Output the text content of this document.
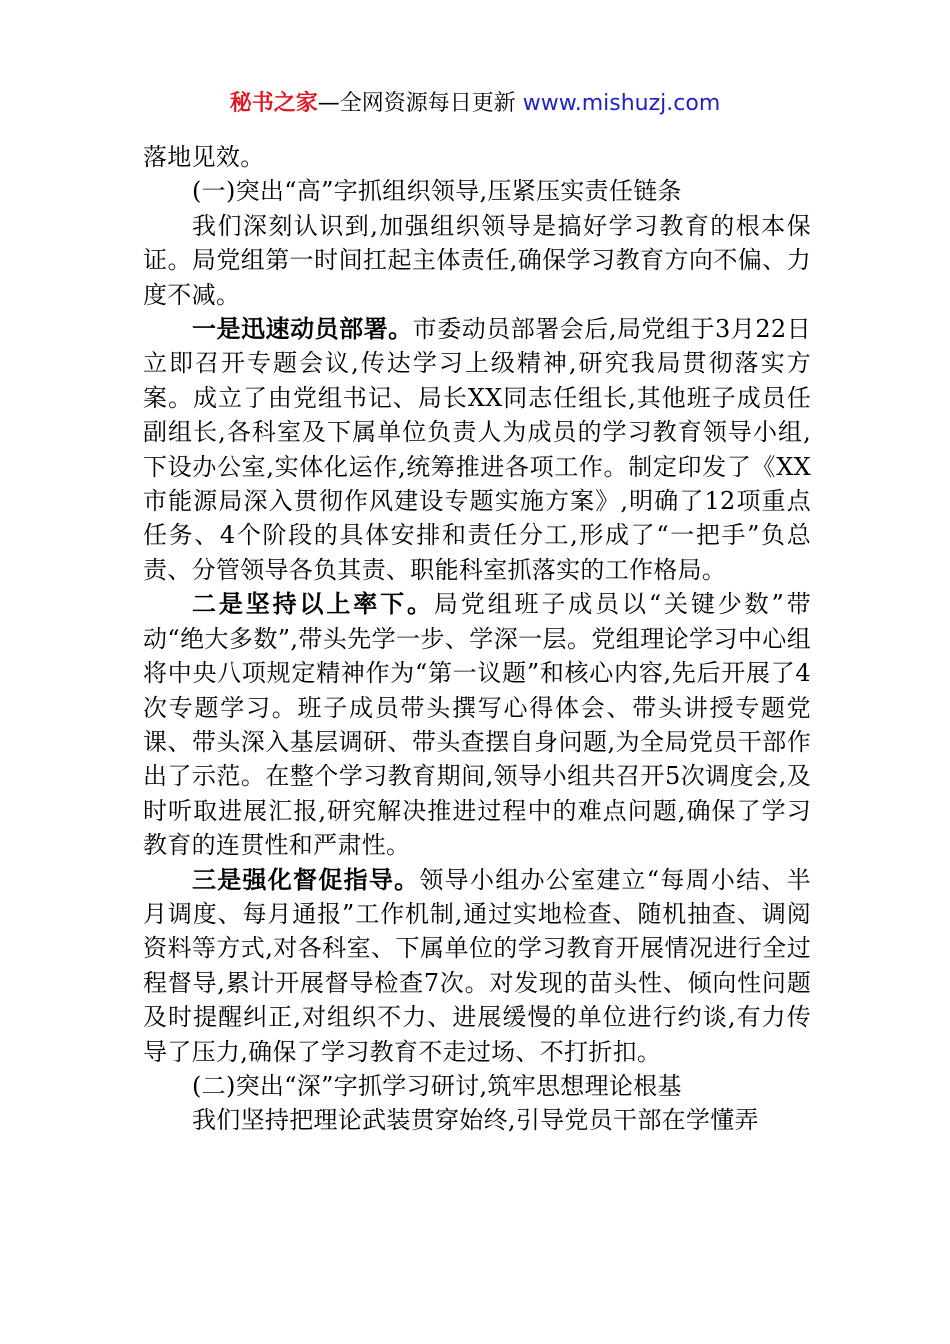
秘书之家—全网资源每日更新 www.mishuzj.com

落地见效。

(一)突出“高”字抓组织领导,压紧压实责任链条

我们深刻认识到,加强组织领导是搞好学习教育的根本保证。局党组第一时间扛起主体责任,确保学习教育方向不偏、力度不减。

一是迅速动员部署。市委动员部署会后,局党组于3月22日立即召开专题会议,传达学习上级精神,研究我局贯彻落实方案。成立了由党组书记、局长XX同志任组长,其他班子成员任副组长,各科室及下属单位负责人为成员的学习教育领导小组,下设办公室,实体化运作,统筹推进各项工作。制定印发了《XX市能源局深入贯彻作风建设专题实施方案》,明确了12项重点任务、4个阶段的具体安排和责任分工,形成了“一把手”负总责、分管领导各负其责、职能科室抓落实的工作格局。

二是坚持以上率下。局党组班子成员以“关键少数”带动“绝大多数”,带头先学一步、学深一层。党组理论学习中心组将中央八项规定精神作为“第一议题”和核心内容,先后开展了4次专题学习。班子成员带头撰写心得体会、带头讲授专题党课、带头深入基层调研、带头查摆自身问题,为全局党员干部作出了示范。在整个学习教育期间,领导小组共召开5次调度会,及时听取进展汇报,研究解决推进过程中的难点问题,确保了学习教育的连贯性和严肃性。

三是强化督促指导。领导小组办公室建立“每周小结、半月调度、每月通报”工作机制,通过实地检查、随机抽查、调阅资料等方式,对各科室、下属单位的学习教育开展情况进行全过程督导,累计开展督导检查7次。对发现的苗头性、倾向性问题及时提醒纠正,对组织不力、进展缓慢的单位进行约谈,有力传导了压力,确保了学习教育不走过场、不打折扣。

(二)突出“深”字抓学习研讨,筑牢思想理论根基

我们坚持把理论武装贯穿始终,引导党员干部在学懂弄
